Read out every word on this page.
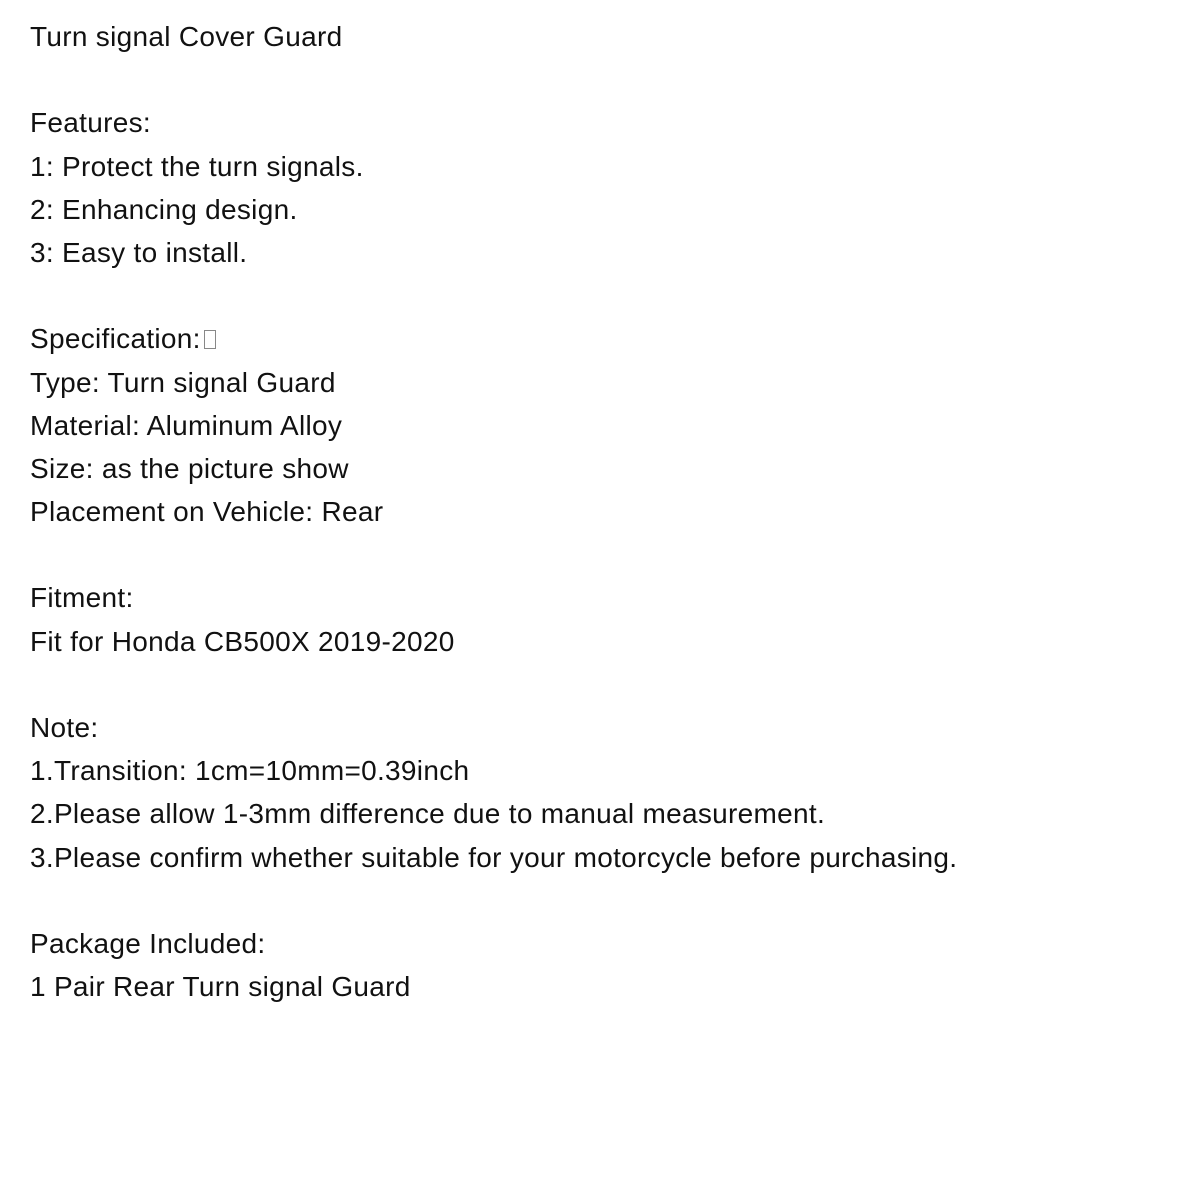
Turn signal Cover Guard
Features:
1: Protect the turn signals.
2: Enhancing design.
3: Easy to install.
Specification:
Type: Turn signal Guard
Material: Aluminum Alloy
Size: as the picture show
Placement on Vehicle: Rear
Fitment:
Fit for Honda CB500X 2019-2020
Note:
1.Transition: 1cm=10mm=0.39inch
2.Please allow 1-3mm difference due to manual measurement.
3.Please confirm whether suitable for your motorcycle before purchasing.
Package Included:
1 Pair Rear Turn signal Guard
